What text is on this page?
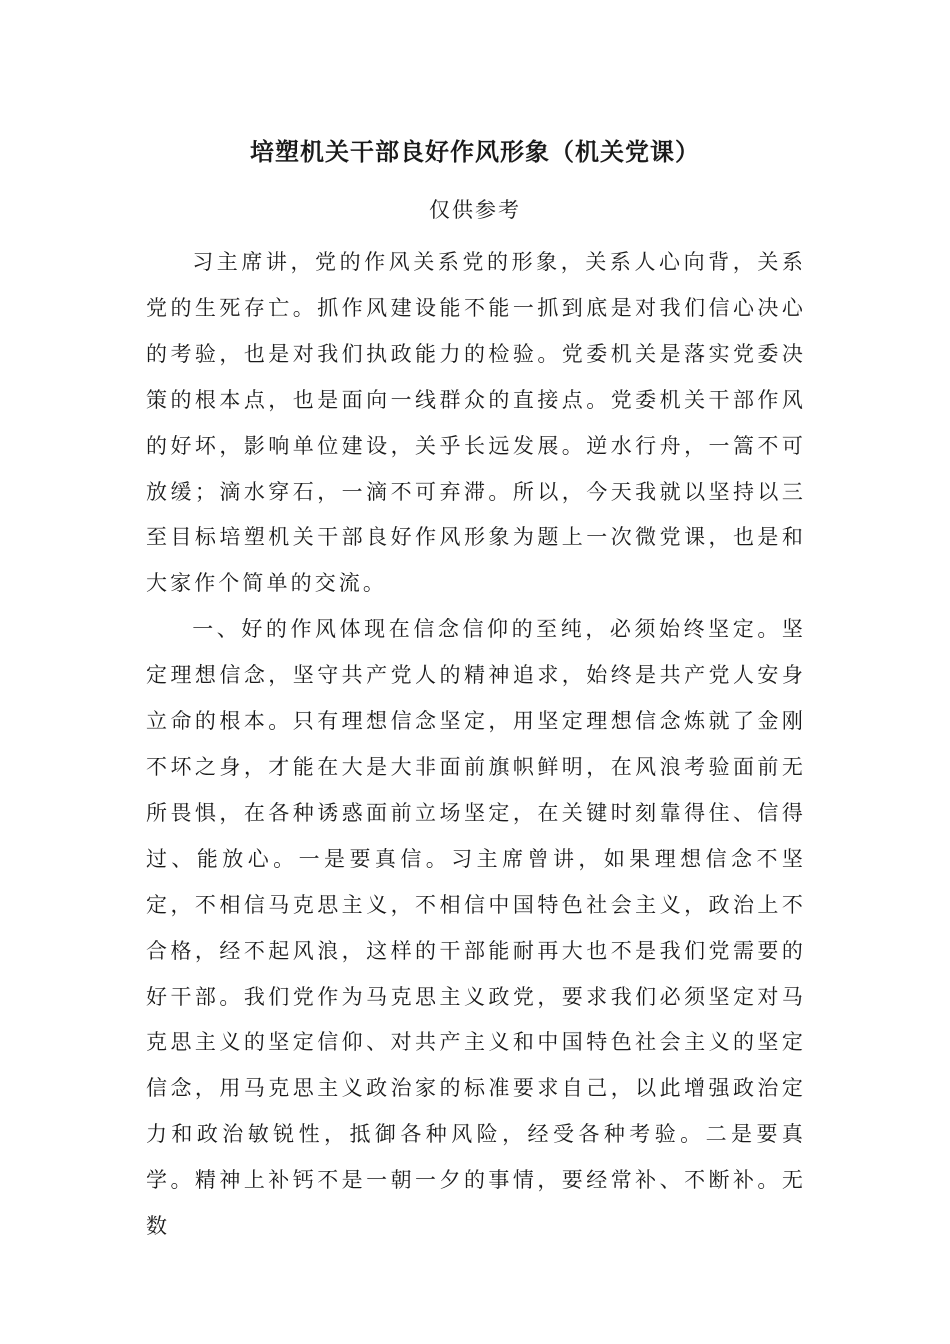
培塑机关干部良好作风形象（机关党课）
仅供参考

习主席讲，党的作风关系党的形象，关系人心向背，关系党的生死存亡。抓作风建设能不能一抓到底是对我们信心决心的考验，也是对我们执政能力的检验。党委机关是落实党委决策的根本点，也是面向一线群众的直接点。党委机关干部作风的好坏，影响单位建设，关乎长远发展。逆水行舟，一篙不可放缓；滴水穿石，一滴不可弃滞。所以，今天我就以坚持以三至目标培塑机关干部良好作风形象为题上一次微党课，也是和大家作个简单的交流。

一、好的作风体现在信念信仰的至纯，必须始终坚定。坚定理想信念，坚守共产党人的精神追求，始终是共产党人安身立命的根本。只有理想信念坚定，用坚定理想信念炼就了金刚不坏之身，才能在大是大非面前旗帜鲜明，在风浪考验面前无所畏惧，在各种诱惑面前立场坚定，在关键时刻靠得住、信得过、能放心。一是要真信。习主席曾讲，如果理想信念不坚定，不相信马克思主义，不相信中国特色社会主义，政治上不合格，经不起风浪，这样的干部能耐再大也不是我们党需要的好干部。我们党作为马克思主义政党，要求我们必须坚定对马克思主义的坚定信仰、对共产主义和中国特色社会主义的坚定信念，用马克思主义政治家的标准要求自己，以此增强政治定力和政治敏锐性，抵御各种风险，经受各种考验。二是要真学。精神上补钙不是一朝一夕的事情，要经常补、不断补。无数
